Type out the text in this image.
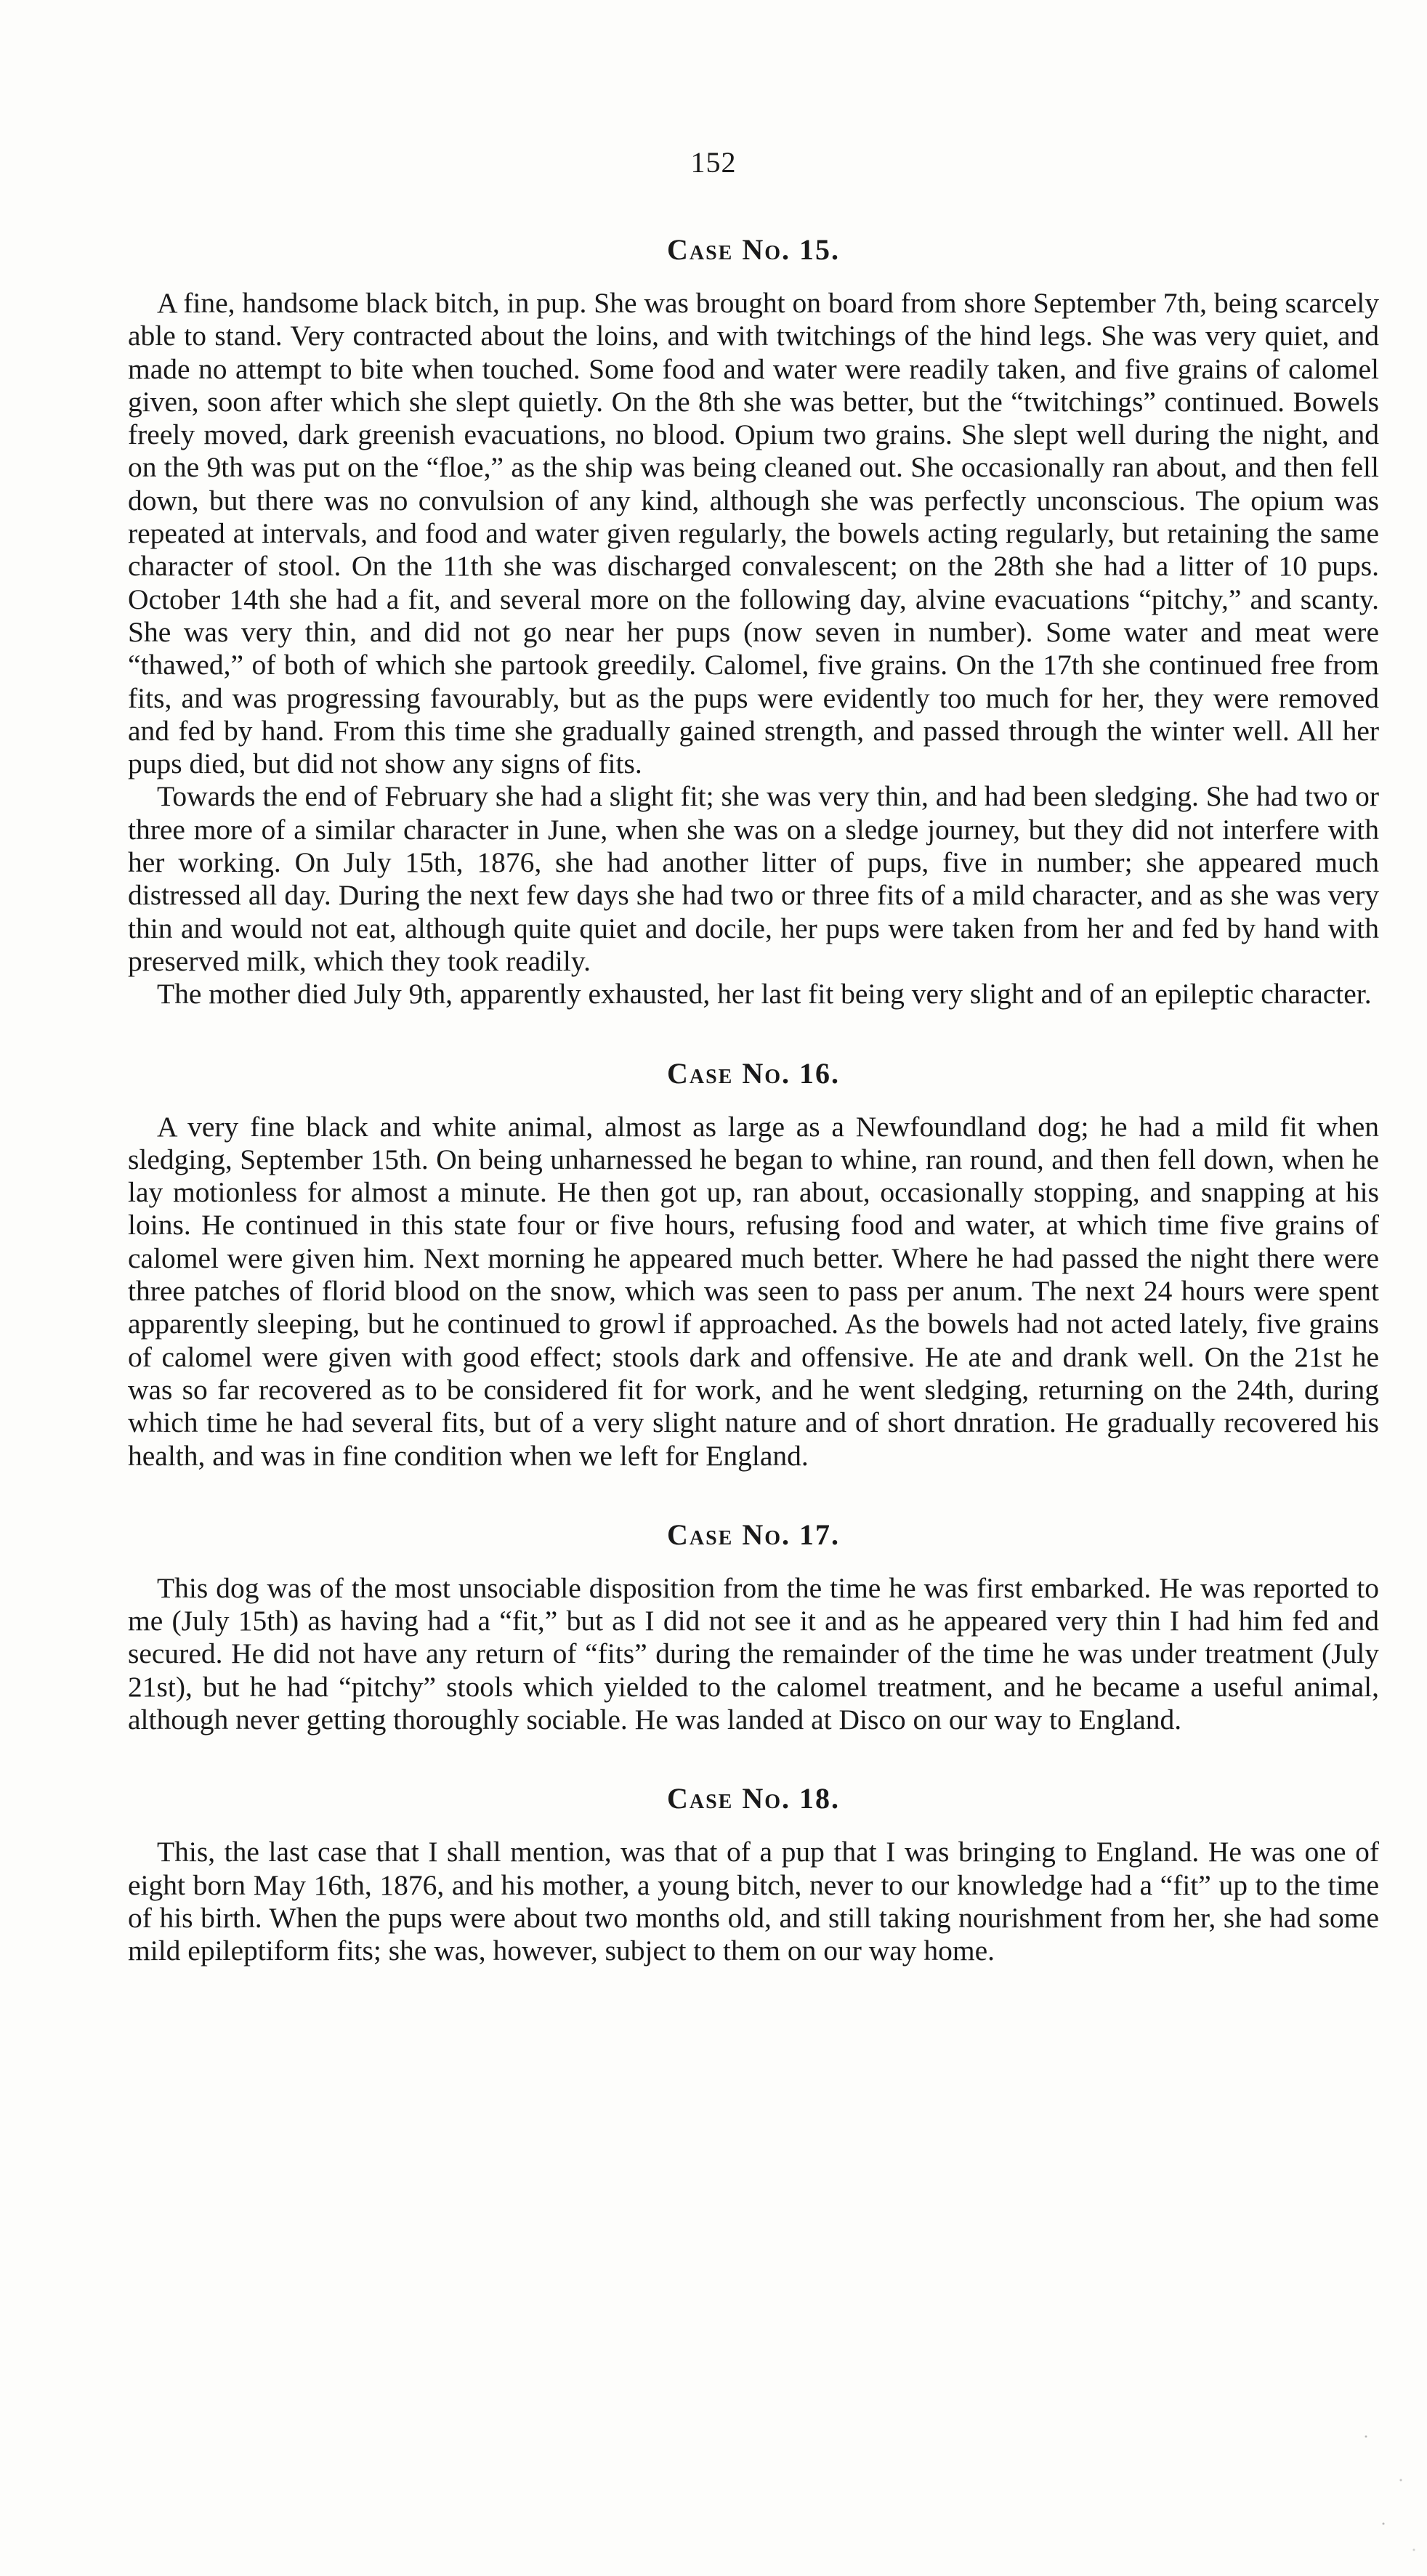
152
Case No. 15.

A fine, handsome black bitch, in pup. She was brought on board from shore September 7th, being scarcely able to stand. Very contracted about the loins, and with twitchings of the hind legs. She was very quiet, and made no attempt to bite when touched. Some food and water were readily taken, and five grains of calomel given, soon after which she slept quietly. On the 8th she was better, but the “twitchings” continued. Bowels freely moved, dark greenish evacuations, no blood. Opium two grains. She slept well during the night, and on the 9th was put on the “floe,” as the ship was being cleaned out. She occasionally ran about, and then fell down, but there was no convulsion of any kind, although she was perfectly unconscious. The opium was repeated at intervals, and food and water given regularly, the bowels acting regularly, but retaining the same character of stool. On the 11th she was discharged convalescent; on the 28th she had a litter of 10 pups. October 14th she had a fit, and several more on the following day, alvine evacuations “pitchy,” and scanty. She was very thin, and did not go near her pups (now seven in number). Some water and meat were “thawed,” of both of which she partook greedily. Calomel, five grains. On the 17th she continued free from fits, and was progressing favourably, but as the pups were evidently too much for her, they were removed and fed by hand. From this time she gradually gained strength, and passed through the winter well. All her pups died, but did not show any signs of fits.

Towards the end of February she had a slight fit; she was very thin, and had been sledging. She had two or three more of a similar character in June, when she was on a sledge journey, but they did not interfere with her working. On July 15th, 1876, she had another litter of pups, five in number; she appeared much distressed all day. During the next few days she had two or three fits of a mild character, and as she was very thin and would not eat, although quite quiet and docile, her pups were taken from her and fed by hand with preserved milk, which they took readily.

The mother died July 9th, apparently exhausted, her last fit being very slight and of an epileptic character.

Case No. 16.

A very fine black and white animal, almost as large as a Newfoundland dog; he had a mild fit when sledging, September 15th. On being unharnessed he began to whine, ran round, and then fell down, when he lay motionless for almost a minute. He then got up, ran about, occasionally stopping, and snapping at his loins. He continued in this state four or five hours, refusing food and water, at which time five grains of calomel were given him. Next morning he appeared much better. Where he had passed the night there were three patches of florid blood on the snow, which was seen to pass per anum. The next 24 hours were spent apparently sleeping, but he continued to growl if approached. As the bowels had not acted lately, five grains of calomel were given with good effect; stools dark and offensive. He ate and drank well. On the 21st he was so far recovered as to be considered fit for work, and he went sledging, returning on the 24th, during which time he had several fits, but of a very slight nature and of short dnration. He gradually recovered his health, and was in fine condition when we left for England.

Case No. 17.

This dog was of the most unsociable disposition from the time he was first embarked. He was reported to me (July 15th) as having had a “fit,” but as I did not see it and as he appeared very thin I had him fed and secured. He did not have any return of “fits” during the remainder of the time he was under treatment (July 21st), but he had “pitchy” stools which yielded to the calomel treatment, and he became a useful animal, although never getting thoroughly sociable. He was landed at Disco on our way to England.

Case No. 18.

This, the last case that I shall mention, was that of a pup that I was bringing to England. He was one of eight born May 16th, 1876, and his mother, a young bitch, never to our knowledge had a “fit” up to the time of his birth. When the pups were about two months old, and still taking nourishment from her, she had some mild epileptiform fits; she was, however, subject to them on our way home.
